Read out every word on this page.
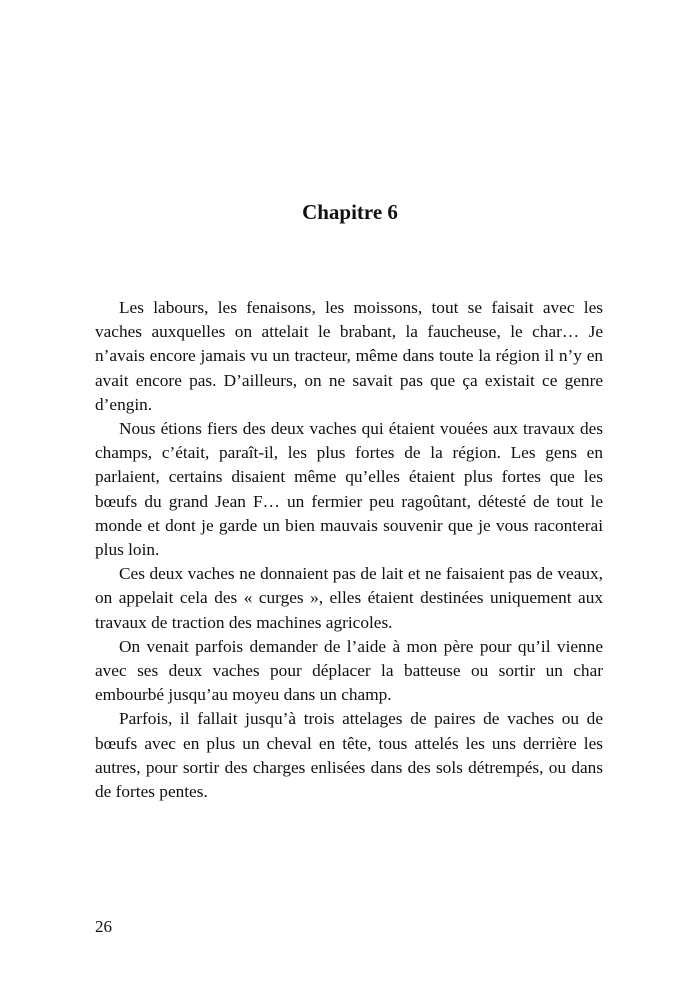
Chapitre 6

Les labours, les fenaisons, les moissons, tout se faisait avec les vaches auxquelles on attelait le brabant, la faucheuse, le char… Je n’avais encore jamais vu un tracteur, même dans toute la région il n’y en avait encore pas. D’ailleurs, on ne savait pas que ça existait ce genre d’engin.

Nous étions fiers des deux vaches qui étaient vouées aux travaux des champs, c’était, paraît-il, les plus fortes de la région. Les gens en parlaient, certains disaient même qu’elles étaient plus fortes que les bœufs du grand Jean F… un fermier peu ragoûtant, détesté de tout le monde et dont je garde un bien mauvais souvenir que je vous raconterai plus loin.

Ces deux vaches ne donnaient pas de lait et ne faisaient pas de veaux, on appelait cela des « curges », elles étaient destinées uniquement aux travaux de traction des machines agricoles.

On venait parfois demander de l’aide à mon père pour qu’il vienne avec ses deux vaches pour déplacer la batteuse ou sortir un char embourbé jusqu’au moyeu dans un champ.

Parfois, il fallait jusqu’à trois attelages de paires de vaches ou de bœufs avec en plus un cheval en tête, tous attelés les uns derrière les autres, pour sortir des charges enlisées dans des sols détrempés, ou dans de fortes pentes.

26
